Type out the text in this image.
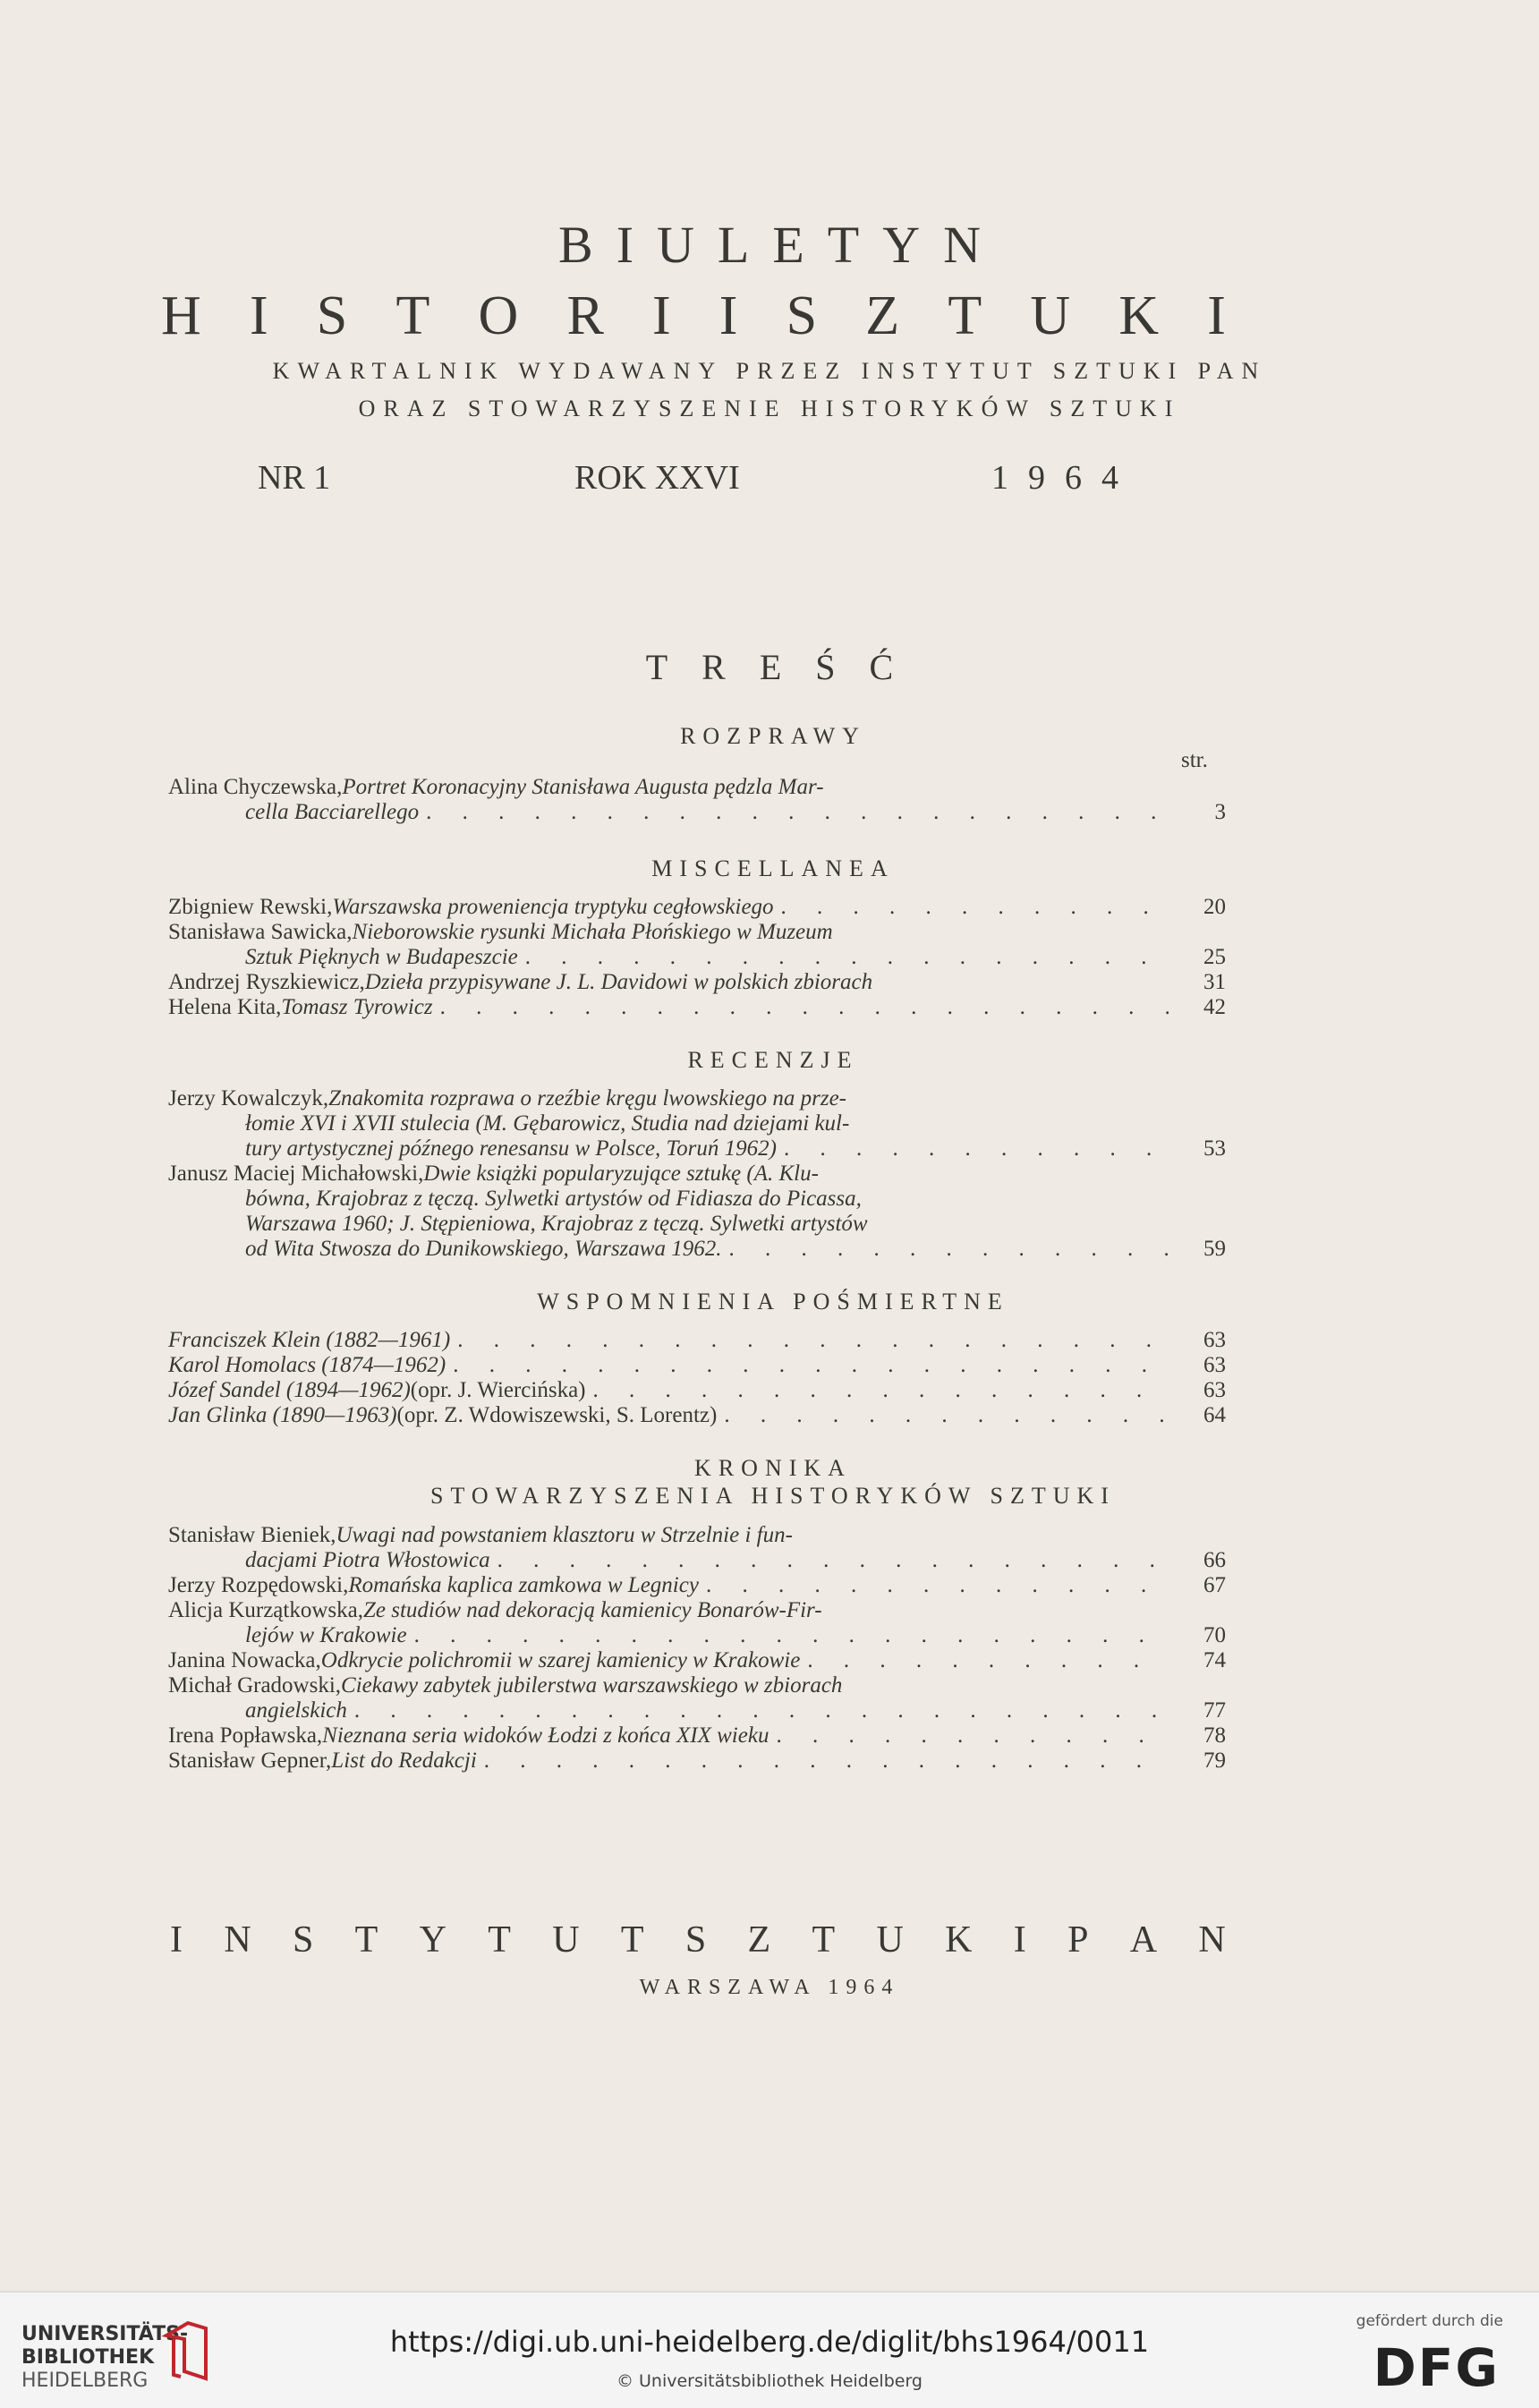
BIULETYN
H I S T O R I I S Z T U K I
KWARTALNIK WYDAWANY PRZEZ INSTYTUT SZTUKI PAN
ORAZ STOWARZYSZENIE HISTORYKÓW SZTUKI
NR 1	ROK XXVI	1964
TREŚĆ
ROZPRAWY
str.
Alina Chyczewska, Portret Koronacyjny Stanisława Augusta pędzla Mar-
cella Bacciarellego . . .	3
MISCELLANEA
Zbigniew Rewski, Warszawska proweniencja tryptyku cegłowskiego . . .	20
Stanisława Sawicka, Nieborowskie rysunki Michała Płońskiego w Muzeum
Sztuk Pięknych w Budapeszcie . . .	25
Andrzej Ryszkiewicz, Dzieła przypisywane J. L. Davidowi w polskich zbiorach	31
Helena Kita, Tomasz Tyrowicz . . .	42
RECENZJE
Jerzy Kowalczyk, Znakomita rozprawa o rzeźbie kręgu lwowskiego na prze-
łomie XVI i XVII stulecia (M. Gębarowicz, Studia nad dziejami kul-
tury artystycznej późnego renesansu w Polsce, Toruń 1962) . . .	53
Janusz Maciej Michałowski, Dwie książki popularyzujące sztukę (A. Klu-
bówna, Krajobraz z tęczą. Sylwetki artystów od Fidiasza do Picassa,
Warszawa 1960; J. Stępieniowa, Krajobraz z tęczą. Sylwetki artystów
od Wita Stwosza do Dunikowskiego, Warszawa 1962. . . .	59
WSPOMNIENIA POŚMIERTNE
Franciszek Klein (1882—1961) . . .	63
Karol Homolacs (1874—1962) . . .	63
Józef Sandel (1894—1962) (opr. J. Wiercińska) . . .	63
Jan Glinka (1890—1963) (opr. Z. Wdowiszewski, S. Lorentz) . . .	64
KRONIKA
STOWARZYSZENIA HISTORYKÓW SZTUKI
Stanisław Bieniek, Uwagi nad powstaniem klasztoru w Strzelnie i fun-
dacjami Piotra Włostowica . . .	66
Jerzy Rozpędowski, Romańska kaplica zamkowa w Legnicy . . .	67
Alicja Kurzątkowska, Ze studiów nad dekoracją kamienicy Bonarów-Fir-
lejów w Krakowie . . .	70
Janina Nowacka, Odkrycie polichromii w szarej kamienicy w Krakowie . . .	74
Michał Gradowski, Ciekawy zabytek jubilerstwa warszawskiego w zbiorach
angielskich . . .	77
Irena Popławska, Nieznana seria widoków Łodzi z końca XIX wieku . . .	78
Stanisław Gepner, List do Redakcji . . .	79
I N S T Y T U T S Z T U K I P A N
WARSZAWA 1964
UNIVERSITÄTS-
BIBLIOTHEK
HEIDELBERG
https://digi.ub.uni-heidelberg.de/diglit/bhs1964/0011
© Universitätsbibliothek Heidelberg
gefördert durch die
DFG
